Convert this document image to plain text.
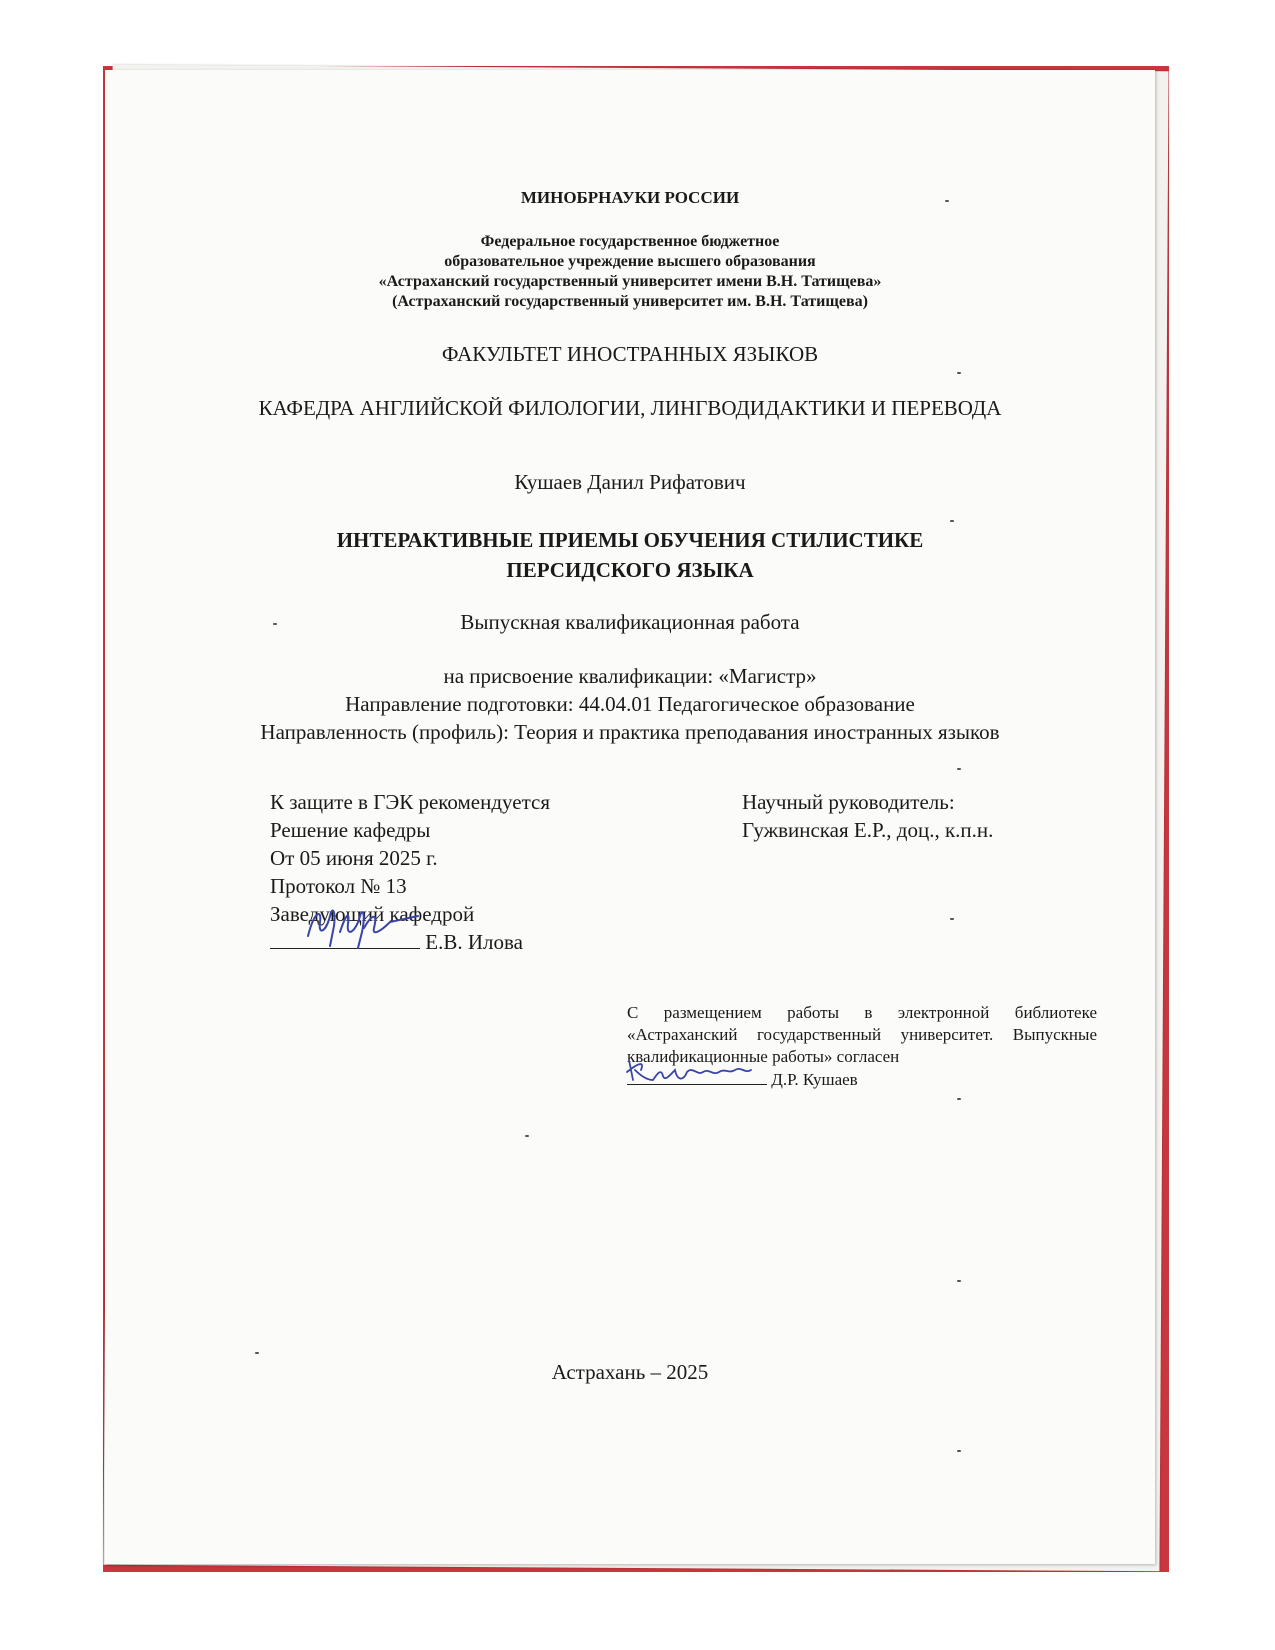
МИНОБРНАУКИ РОССИИ
Федеральное государственное бюджетное
образовательное учреждение высшего образования
«Астраханский государственный университет имени В.Н. Татищева»
(Астраханский государственный университет им. В.Н. Татищева)
ФАКУЛЬТЕТ ИНОСТРАННЫХ ЯЗЫКОВ
КАФЕДРА АНГЛИЙСКОЙ ФИЛОЛОГИИ, ЛИНГВОДИДАКТИКИ И ПЕРЕВОДА
Кушаев Данил Рифатович
ИНТЕРАКТИВНЫЕ ПРИЕМЫ ОБУЧЕНИЯ СТИЛИСТИКЕ ПЕРСИДСКОГО ЯЗЫКА
Выпускная квалификационная работа
на присвоение квалификации: «Магистр»
Направление подготовки: 44.04.01 Педагогическое образование
Направленность (профиль): Теория и практика преподавания иностранных языков
К защите в ГЭК рекомендуется
Решение кафедры
От 05 июня 2025 г.
Протокол № 13
Заведующий кафедрой
Е.В. Илова
Научный руководитель:
Гужвинская Е.Р., доц., к.п.н.
С размещением работы в электронной библиотеке «Астраханский государственный университет. Выпускные квалификационные работы» согласен
Д.Р. Кушаев
Астрахань – 2025
